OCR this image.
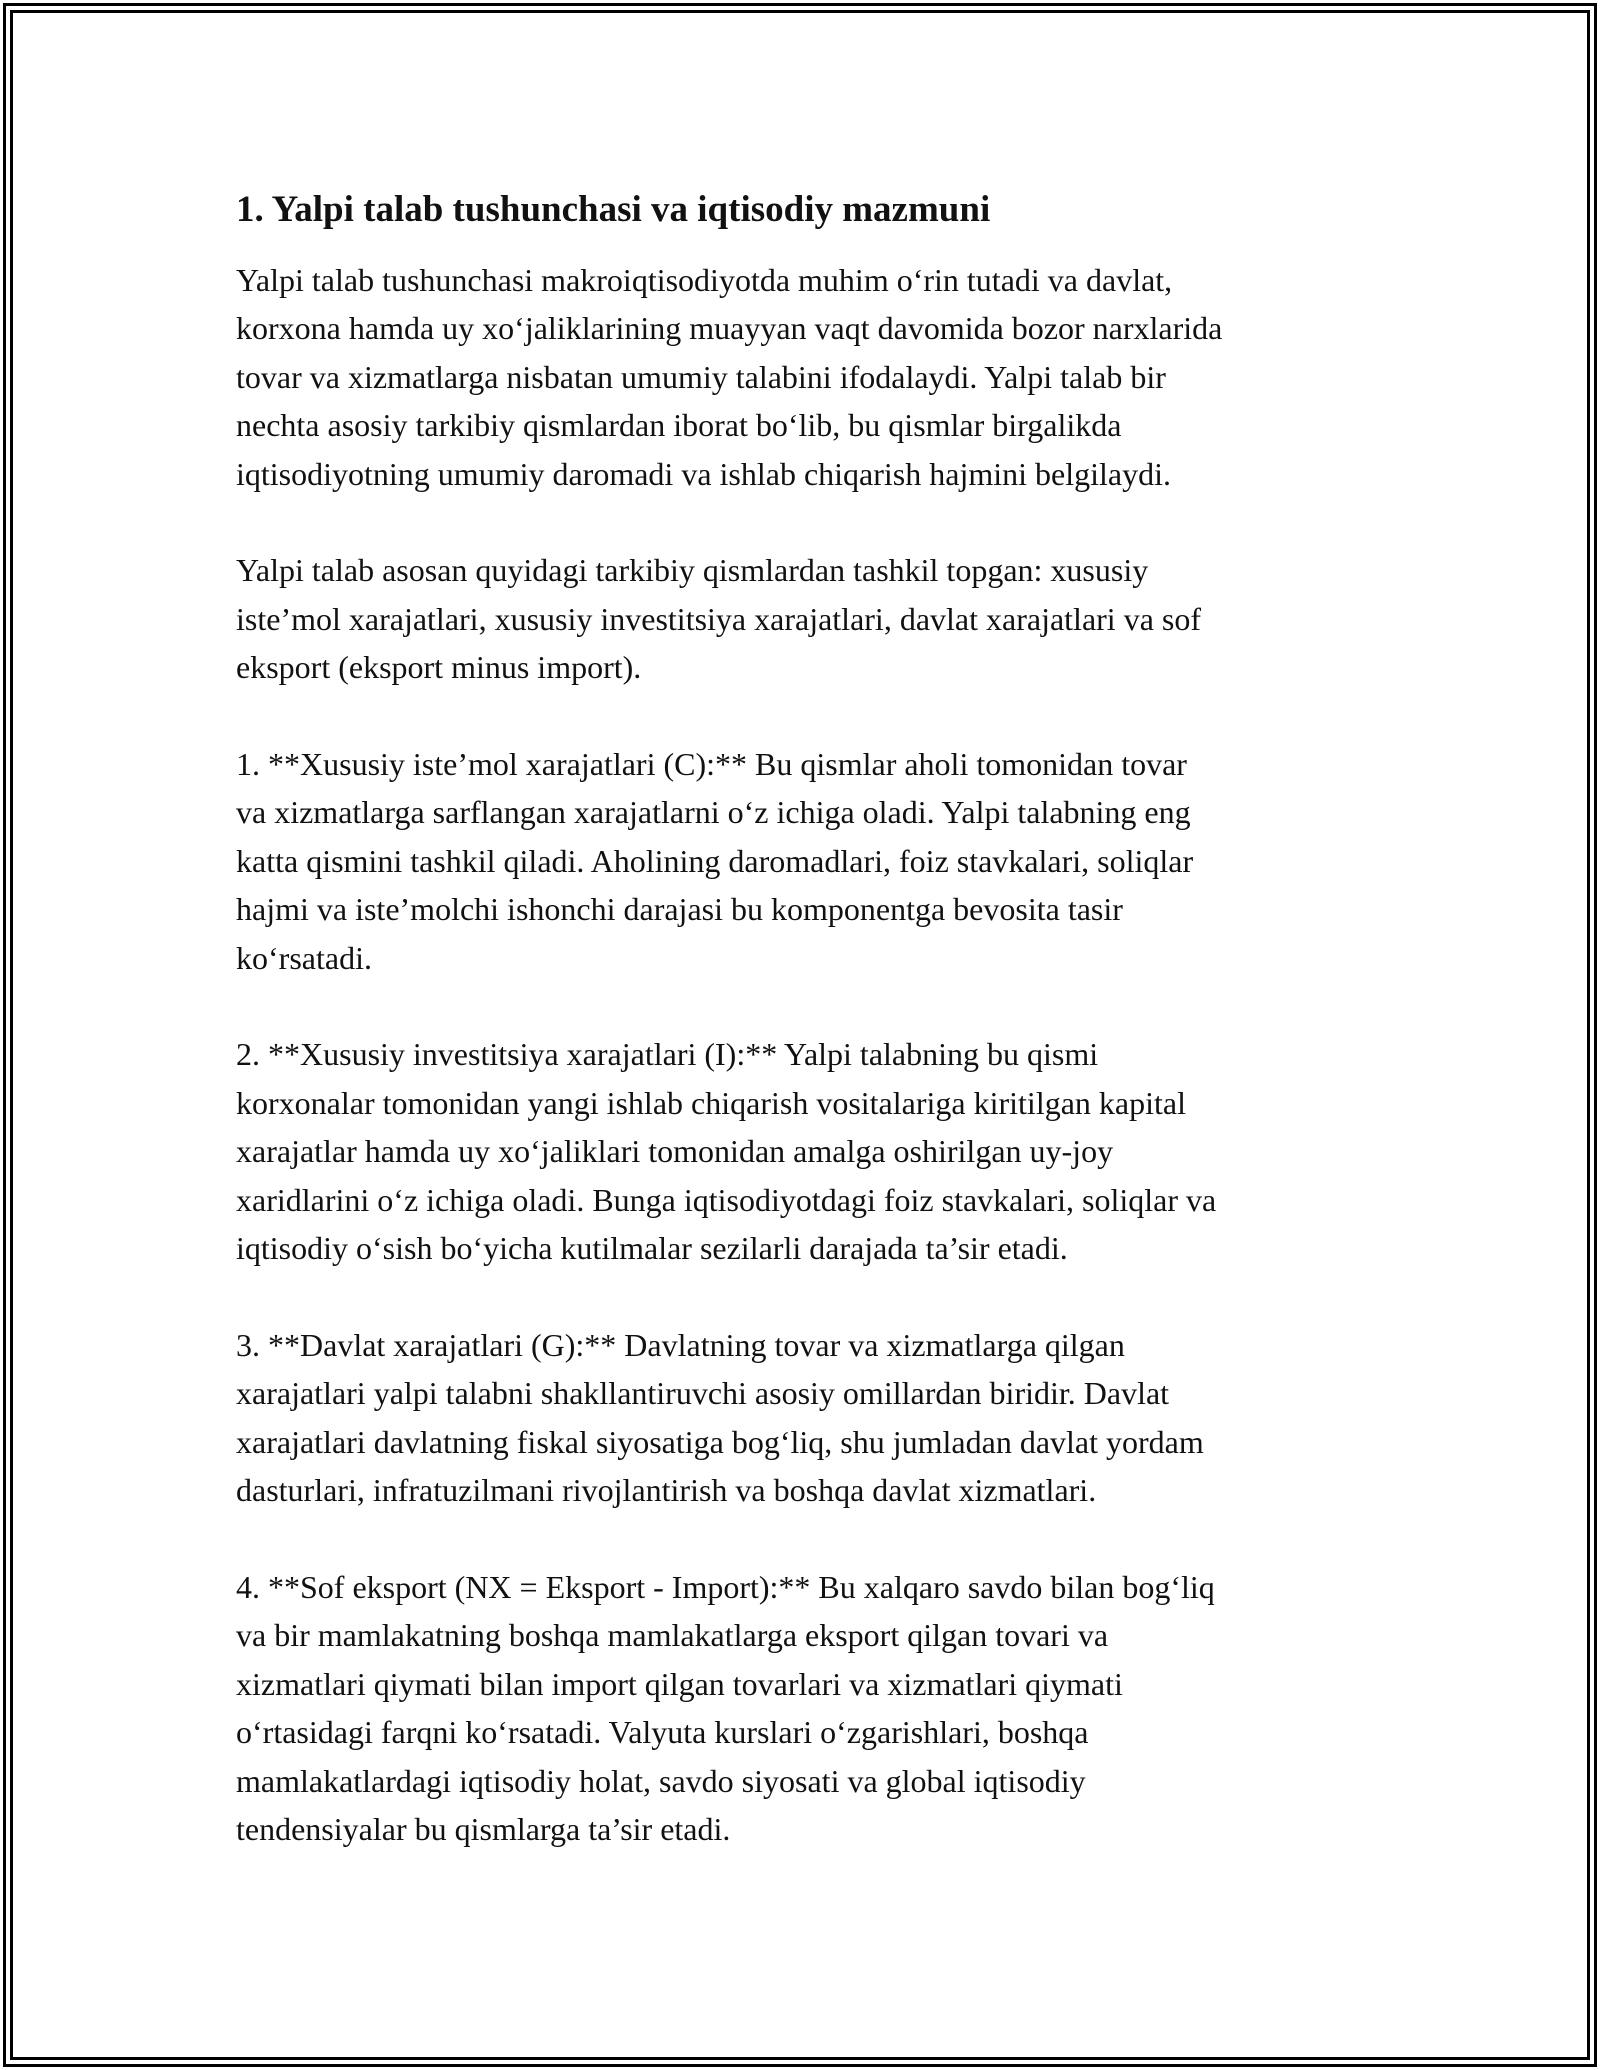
1. Yalpi talab tushunchasi va iqtisodiy mazmuni

Yalpi talab tushunchasi makroiqtisodiyotda muhim o‘rin tutadi va davlat,
korxona hamda uy xo‘jaliklarining muayyan vaqt davomida bozor narxlarida
tovar va xizmatlarga nisbatan umumiy talabini ifodalaydi. Yalpi talab bir
nechta asosiy tarkibiy qismlardan iborat bo‘lib, bu qismlar birgalikda
iqtisodiyotning umumiy daromadi va ishlab chiqarish hajmini belgilaydi.

Yalpi talab asosan quyidagi tarkibiy qismlardan tashkil topgan: xususiy
iste’mol xarajatlari, xususiy investitsiya xarajatlari, davlat xarajatlari va sof
eksport (eksport minus import).

1. **Xususiy iste’mol xarajatlari (C):** Bu qismlar aholi tomonidan tovar
va xizmatlarga sarflangan xarajatlarni o‘z ichiga oladi. Yalpi talabning eng
katta qismini tashkil qiladi. Aholining daromadlari, foiz stavkalari, soliqlar
hajmi va iste’molchi ishonchi darajasi bu komponentga bevosita tasir
ko‘rsatadi.

2. **Xususiy investitsiya xarajatlari (I):** Yalpi talabning bu qismi
korxonalar tomonidan yangi ishlab chiqarish vositalariga kiritilgan kapital
xarajatlar hamda uy xo‘jaliklari tomonidan amalga oshirilgan uy-joy
xaridlarini o‘z ichiga oladi. Bunga iqtisodiyotdagi foiz stavkalari, soliqlar va
iqtisodiy o‘sish bo‘yicha kutilmalar sezilarli darajada ta’sir etadi.

3. **Davlat xarajatlari (G):** Davlatning tovar va xizmatlarga qilgan
xarajatlari yalpi talabni shakllantiruvchi asosiy omillardan biridir. Davlat
xarajatlari davlatning fiskal siyosatiga bog‘liq, shu jumladan davlat yordam
dasturlari, infratuzilmani rivojlantirish va boshqa davlat xizmatlari.

4. **Sof eksport (NX = Eksport - Import):** Bu xalqaro savdo bilan bog‘liq
va bir mamlakatning boshqa mamlakatlarga eksport qilgan tovari va
xizmatlari qiymati bilan import qilgan tovarlari va xizmatlari qiymati
o‘rtasidagi farqni ko‘rsatadi. Valyuta kurslari o‘zgarishlari, boshqa
mamlakatlardagi iqtisodiy holat, savdo siyosati va global iqtisodiy
tendensiyalar bu qismlarga ta’sir etadi.
